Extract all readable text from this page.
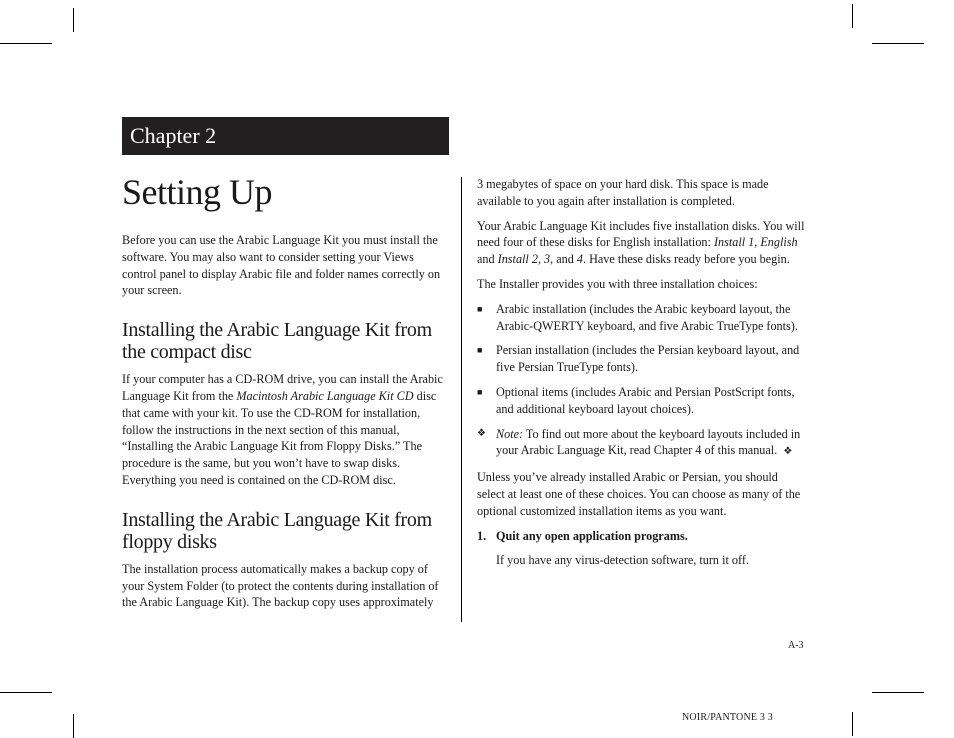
Chapter 2
Setting Up

Before you can use the Arabic Language Kit you must install the software. You may also want to consider setting your Views control panel to display Arabic file and folder names correctly on your screen.

Installing the Arabic Language Kit from the compact disc

If your computer has a CD-ROM drive, you can install the Arabic Language Kit from the Macintosh Arabic Language Kit CD disc that came with your kit. To use the CD-ROM for installation, follow the instructions in the next section of this manual, “Installing the Arabic Language Kit from Floppy Disks.” The procedure is the same, but you won’t have to swap disks. Everything you need is contained on the CD-ROM disc.

Installing the Arabic Language Kit from floppy disks

The installation process automatically makes a backup copy of your System Folder (to protect the contents during installation of the Arabic Language Kit). The backup copy uses approximately

3 megabytes of space on your hard disk. This space is made available to you again after installation is completed.

Your Arabic Language Kit includes five installation disks. You will need four of these disks for English installation: Install 1, English and Install 2, 3, and 4. Have these disks ready before you begin.

The Installer provides you with three installation choices:

■ Arabic installation (includes the Arabic keyboard layout, the Arabic-QWERTY keyboard, and five Arabic TrueType fonts).
■ Persian installation (includes the Persian keyboard layout, and five Persian TrueType fonts).
■ Optional items (includes Arabic and Persian PostScript fonts, and additional keyboard layout choices).
❖ Note: To find out more about the keyboard layouts included in your Arabic Language Kit, read Chapter 4 of this manual. ❖

Unless you’ve already installed Arabic or Persian, you should select at least one of these choices. You can choose as many of the optional customized installation items as you want.

1. Quit any open application programs.

If you have any virus-detection software, turn it off.

A-3
NOIR/PANTONE 3 3
